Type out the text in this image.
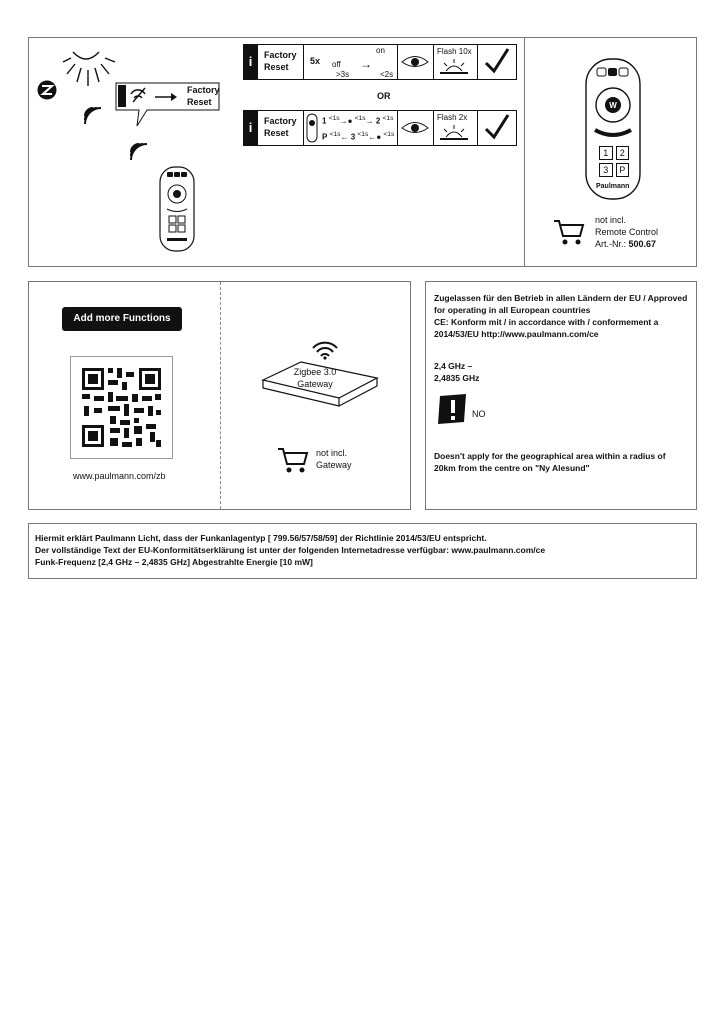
Factory
Reset
i	Factory
Reset
5x off
on
>3s	<2s
→
Flash 10x
OR
i	Factory
Reset
1 $^{<1s}$→● $^{<1s}$→ 2 $^{<1s}$
P $^{<1s}$← 3 $^{<1s}$←● $^{<1s}$
Flash 2x
W
1	2
3	P
Paulmann
not incl.
Remote Control
Art.-Nr.: 500.67
Add more Functions
www.paulmann.com/zb
Zigbee 3.0
Gateway
not incl.
Gateway
Zugelassen für den Betrieb in allen Ländern der EU / Approved
for operating in all European countries
CE: Konform mit / in accordance with / conformement a
2014/53/EU http://www.paulmann.com/ce
2,4 GHz –
2,4835 GHz
NO
Doesn't apply for the geographical area within a radius of
20km from the centre on "Ny Alesund"
Hiermit erklärt Paulmann Licht, dass der Funkanlagentyp [ 799.56/57/58/59] der Richtlinie 2014/53/EU entspricht.
Der vollständige Text der EU-Konformitätserklärung ist unter der folgenden Internetadresse verfügbar: www.paulmann.com/ce
Funk-Frequenz [2,4 GHz – 2,4835 GHz] Abgestrahlte Energie [10 mW]
